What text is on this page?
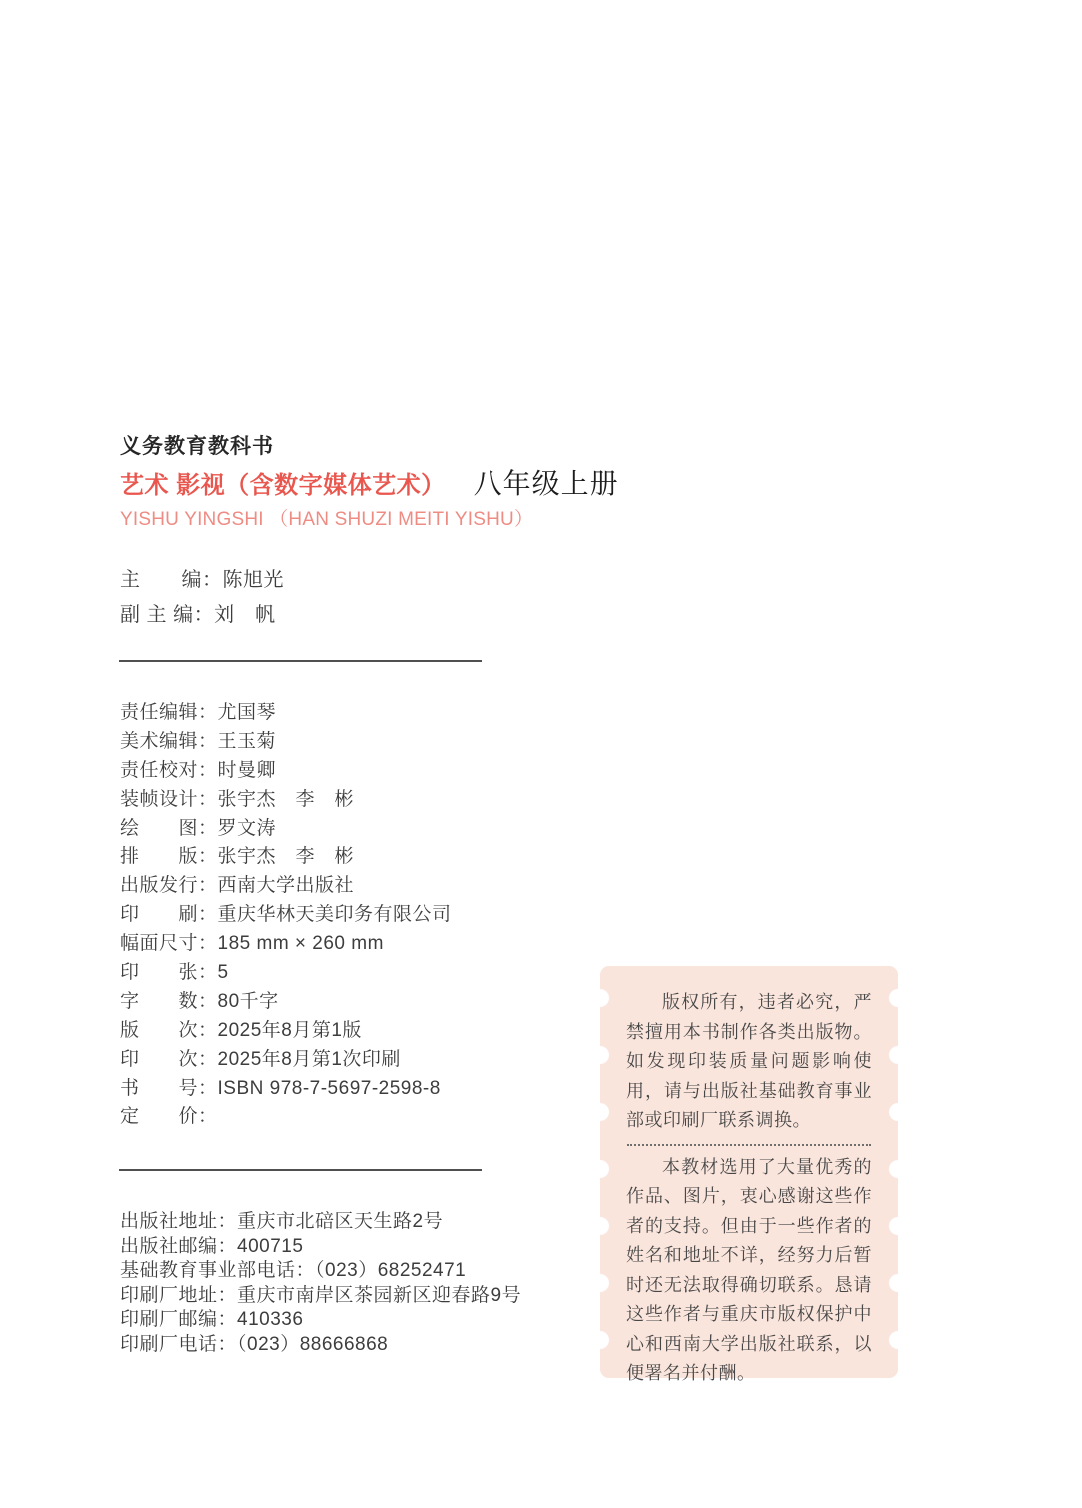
义务教育教科书
艺术 影视（含数字媒体艺术） 八年级上册
YISHU YINGSHI （HAN SHUZI MEITI YISHU）
主　　编：陈旭光
副 主 编：刘　帆
责任编辑：尤国琴
美术编辑：王玉菊
责任校对：时曼卿
装帧设计：张宇杰　李　彬
绘　　图：罗文涛
排　　版：张宇杰　李　彬
出版发行：西南大学出版社
印　　刷：重庆华林天美印务有限公司
幅面尺寸：185 mm × 260 mm
印　　张：5
字　　数：80千字
版　　次：2025年8月第1版
印　　次：2025年8月第1次印刷
书　　号：ISBN 978-7-5697-2598-8
定　　价：
出版社地址：重庆市北碚区天生路2号
出版社邮编：400715
基础教育事业部电话：（023）68252471
印刷厂地址：重庆市南岸区茶园新区迎春路9号
印刷厂邮编：410336
印刷厂电话：（023）88666868

版权所有，违者必究，严禁擅用本书制作各类出版物。如发现印装质量问题影响使用，请与出版社基础教育事业部或印刷厂联系调换。

本教材选用了大量优秀的作品、图片，衷心感谢这些作者的支持。但由于一些作者的姓名和地址不详，经努力后暂时还无法取得确切联系。恳请这些作者与重庆市版权保护中心和西南大学出版社联系，以便署名并付酬。
